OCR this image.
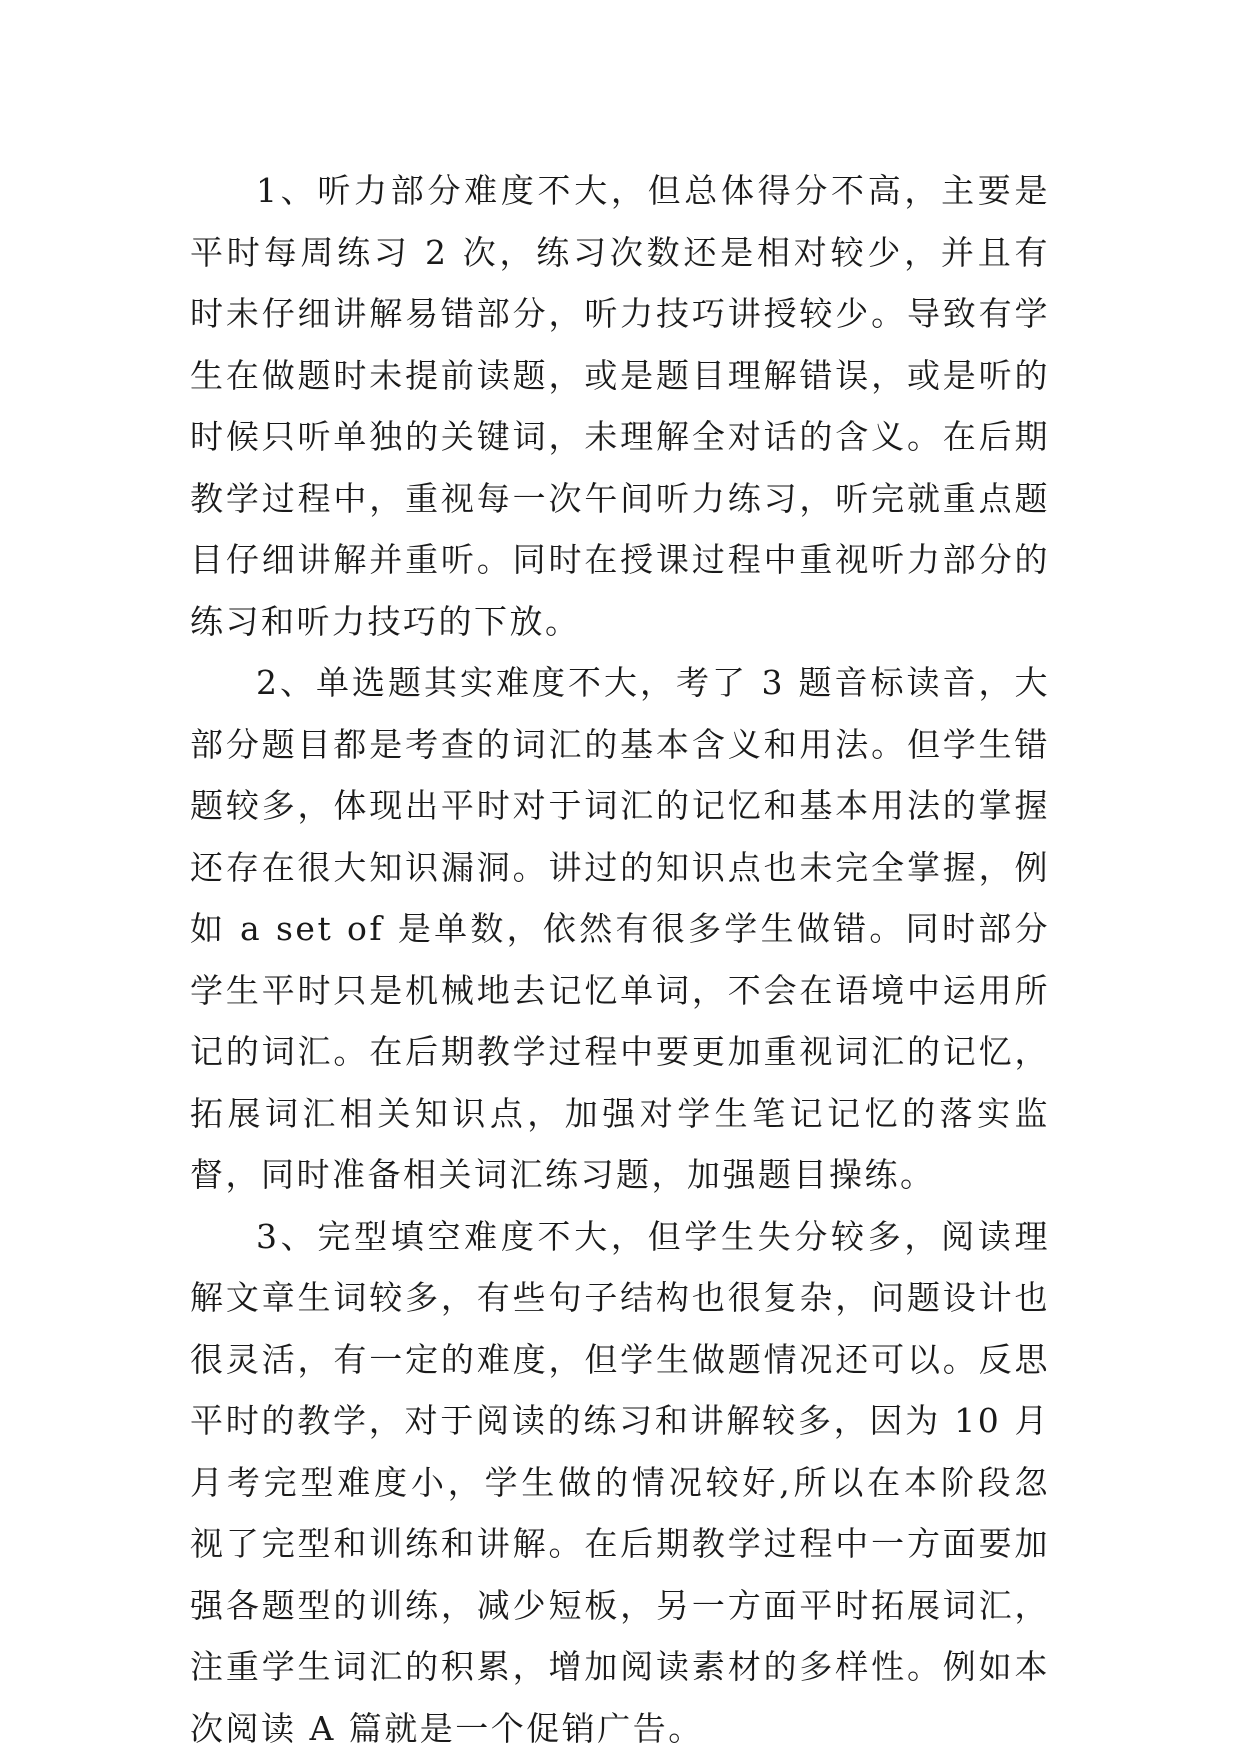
1、听力部分难度不大，但总体得分不高，主要是平时每周练习 2 次，练习次数还是相对较少，并且有时未仔细讲解易错部分，听力技巧讲授较少。导致有学生在做题时未提前读题，或是题目理解错误，或是听的时候只听单独的关键词，未理解全对话的含义。在后期教学过程中，重视每一次午间听力练习，听完就重点题目仔细讲解并重听。同时在授课过程中重视听力部分的练习和听力技巧的下放。

2、单选题其实难度不大，考了 3 题音标读音，大部分题目都是考查的词汇的基本含义和用法。但学生错题较多，体现出平时对于词汇的记忆和基本用法的掌握还存在很大知识漏洞。讲过的知识点也未完全掌握，例如 a set of 是单数，依然有很多学生做错。同时部分学生平时只是机械地去记忆单词，不会在语境中运用所记的词汇。在后期教学过程中要更加重视词汇的记忆，拓展词汇相关知识点，加强对学生笔记记忆的落实监督，同时准备相关词汇练习题，加强题目操练。

3、完型填空难度不大，但学生失分较多，阅读理解文章生词较多，有些句子结构也很复杂，问题设计也很灵活，有一定的难度，但学生做题情况还可以。反思平时的教学，对于阅读的练习和讲解较多，因为 10 月月考完型难度小，学生做的情况较好,所以在本阶段忽视了完型和训练和讲解。在后期教学过程中一方面要加强各题型的训练，减少短板，另一方面平时拓展词汇，注重学生词汇的积累，增加阅读素材的多样性。例如本次阅读 A 篇就是一个促销广告。
